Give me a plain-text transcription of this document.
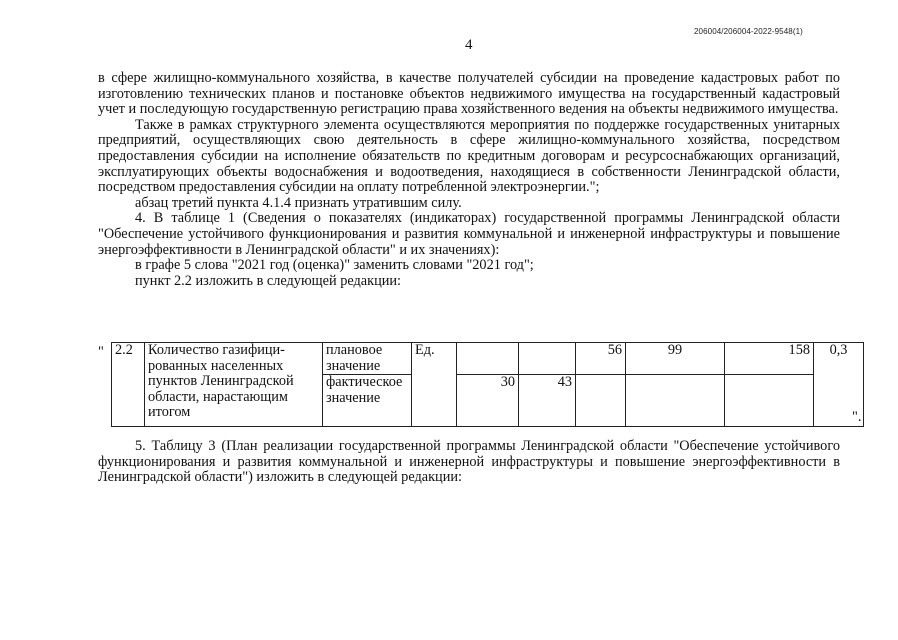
206004/206004-2022-9548(1)
4

в сфере жилищно-коммунального хозяйства, в качестве получателей субсидии на проведение кадастровых работ по изготовлению технических планов и постановке объектов недвижимого имущества на государственный кадастровый учет и последующую государственную регистрацию права хозяйственного ведения на объекты недвижимого имущества.

Также в рамках структурного элемента осуществляются мероприятия по поддержке государственных унитарных предприятий, осуществляющих свою деятельность в сфере жилищно-коммунального хозяйства, посредством предоставления субсидии на исполнение обязательств по кредитным договорам и ресурсоснабжающих организаций, эксплуатирующих объекты водоснабжения и водоотведения, находящиеся в собственности Ленинградской области, посредством предоставления субсидии на оплату потребленной электроэнергии.";

абзац третий пункта 4.1.4 признать утратившим силу.

4. В таблице 1 (Сведения о показателях (индикаторах) государственной программы Ленинградской области "Обеспечение устойчивого функционирования и развития коммунальной и инженерной инфраструктуры и повышение энергоэффективности в Ленинградской области" и их значениях):

в графе 5 слова "2021 год (оценка)" заменить словами "2021 год";

пункт 2.2 изложить в следующей редакции:

" 2.2	Количество газифици-рованных населенных пунктов Ленинградской области, нарастающим итогом	плановое значение	Ед.			56	99	158	0,3	
		фактическое значение		30	43					
".

5. Таблицу 3 (План реализации государственной программы Ленинградской области "Обеспечение устойчивого функционирования и развития коммунальной и инженерной инфраструктуры и повышение энергоэффективности в Ленинградской области") изложить в следующей редакции:
